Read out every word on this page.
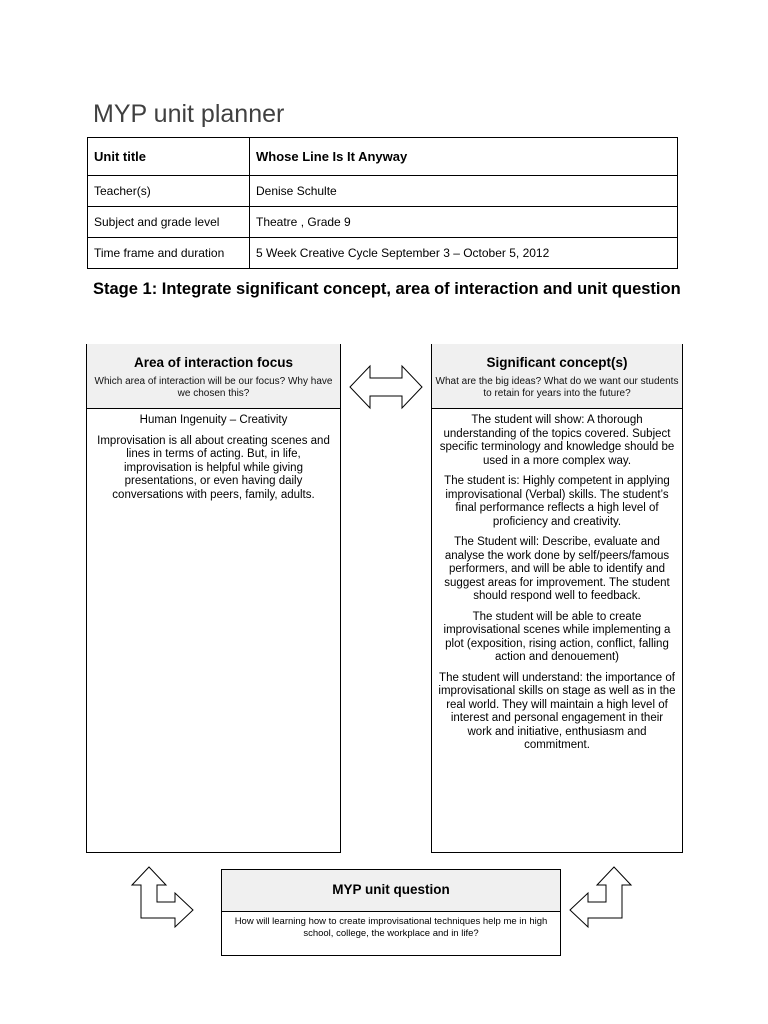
MYP unit planner
Unit title	Whose Line Is It Anyway
Teacher(s)	Denise Schulte
Subject and grade level	Theatre , Grade 9
Time frame and duration	5 Week Creative Cycle September 3 – October 5, 2012
Stage 1: Integrate significant concept, area of interaction and unit question
Area of interaction focus
Which area of interaction will be our focus? Why have we chosen this?

Human Ingenuity – Creativity

Improvisation is all about creating scenes and lines in terms of acting. But, in life, improvisation is helpful while giving presentations, or even having daily conversations with peers, family, adults.

Significant concept(s)
What are the big ideas? What do we want our students to retain for years into the future?

The student will show: A thorough understanding of the topics covered. Subject specific terminology and knowledge should be used in a more complex way.

The student is: Highly competent in applying improvisational (Verbal) skills. The student’s final performance reflects a high level of proficiency and creativity.

The Student will: Describe, evaluate and analyse the work done by self/peers/famous performers, and will be able to identify and suggest areas for improvement. The student should respond well to feedback.

The student will be able to create improvisational scenes while implementing a plot (exposition, rising action, conflict, falling action and denouement)

The student will understand: the importance of improvisational skills on stage as well as in the real world. They will maintain a high level of interest and personal engagement in their work and initiative, enthusiasm and commitment.

MYP unit question
How will learning how to create improvisational techniques help me in high school, college, the workplace and in life?
